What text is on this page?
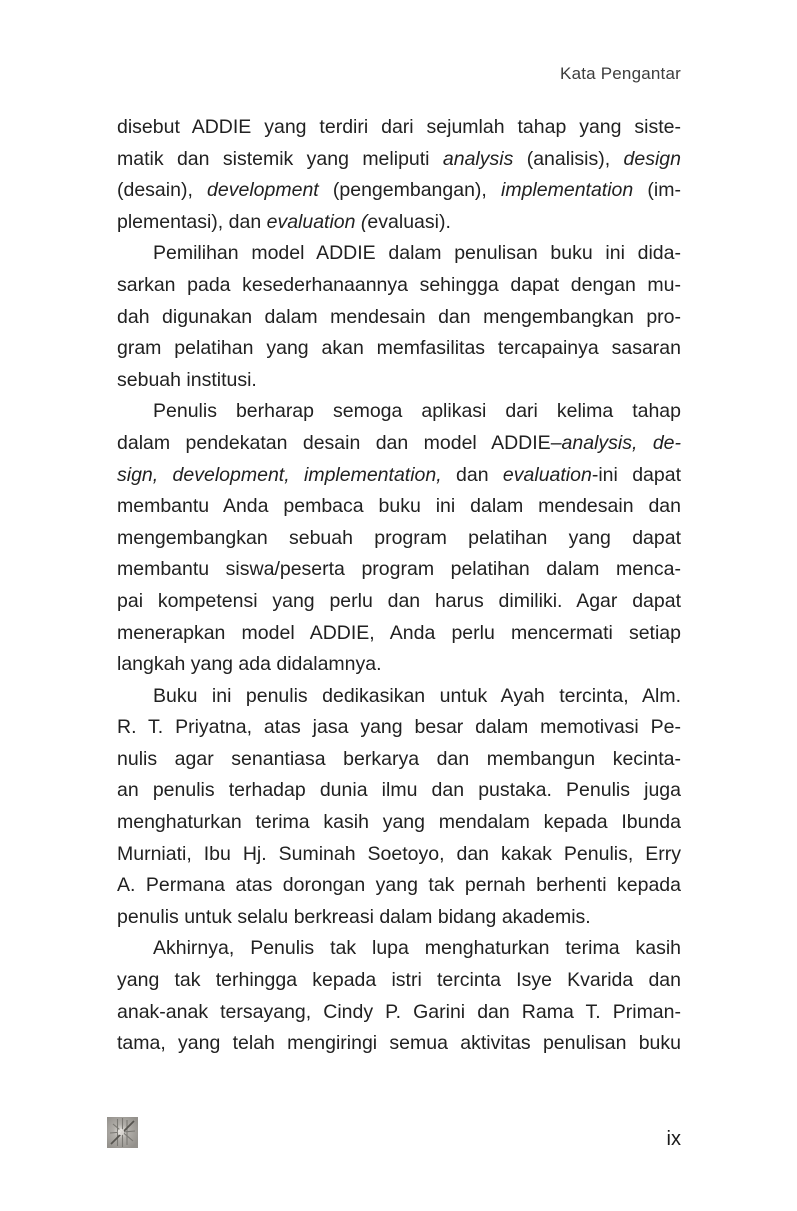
Kata Pengantar
disebut ADDIE yang terdiri dari sejumlah tahap yang siste-
matik dan sistemik yang meliputi analysis (analisis), design
(desain), development (pengembangan), implementation (im-
plementasi), dan evaluation (evaluasi).
Pemilihan model ADDIE dalam penulisan buku ini dida-
sarkan pada kesederhanaannya sehingga dapat dengan mu-
dah digunakan dalam mendesain dan mengembangkan pro-
gram pelatihan yang akan memfasilitas tercapainya sasaran
sebuah institusi.
Penulis berharap semoga aplikasi dari kelima tahap
dalam pendekatan desain dan model ADDIE–analysis, de-
sign, development, implementation, dan evaluation-ini dapat
membantu Anda pembaca buku ini dalam mendesain dan
mengembangkan sebuah program pelatihan yang dapat
membantu siswa/peserta program pelatihan dalam menca-
pai kompetensi yang perlu dan harus dimiliki. Agar dapat
menerapkan model ADDIE, Anda perlu mencermati setiap
langkah yang ada didalamnya.
Buku ini penulis dedikasikan untuk Ayah tercinta, Alm.
R. T. Priyatna, atas jasa yang besar dalam memotivasi Pe-
nulis agar senantiasa berkarya dan membangun kecinta-
an penulis terhadap dunia ilmu dan pustaka. Penulis juga
menghaturkan terima kasih yang mendalam kepada Ibunda
Murniati, Ibu Hj. Suminah Soetoyo, dan kakak Penulis, Erry
A. Permana atas dorongan yang tak pernah berhenti kepada
penulis untuk selalu berkreasi dalam bidang akademis.
Akhirnya, Penulis tak lupa menghaturkan terima kasih
yang tak terhingga kepada istri tercinta Isye Kvarida dan
anak-anak tersayang, Cindy P. Garini dan Rama T. Priman-
tama, yang telah mengiringi semua aktivitas penulisan buku
ix
